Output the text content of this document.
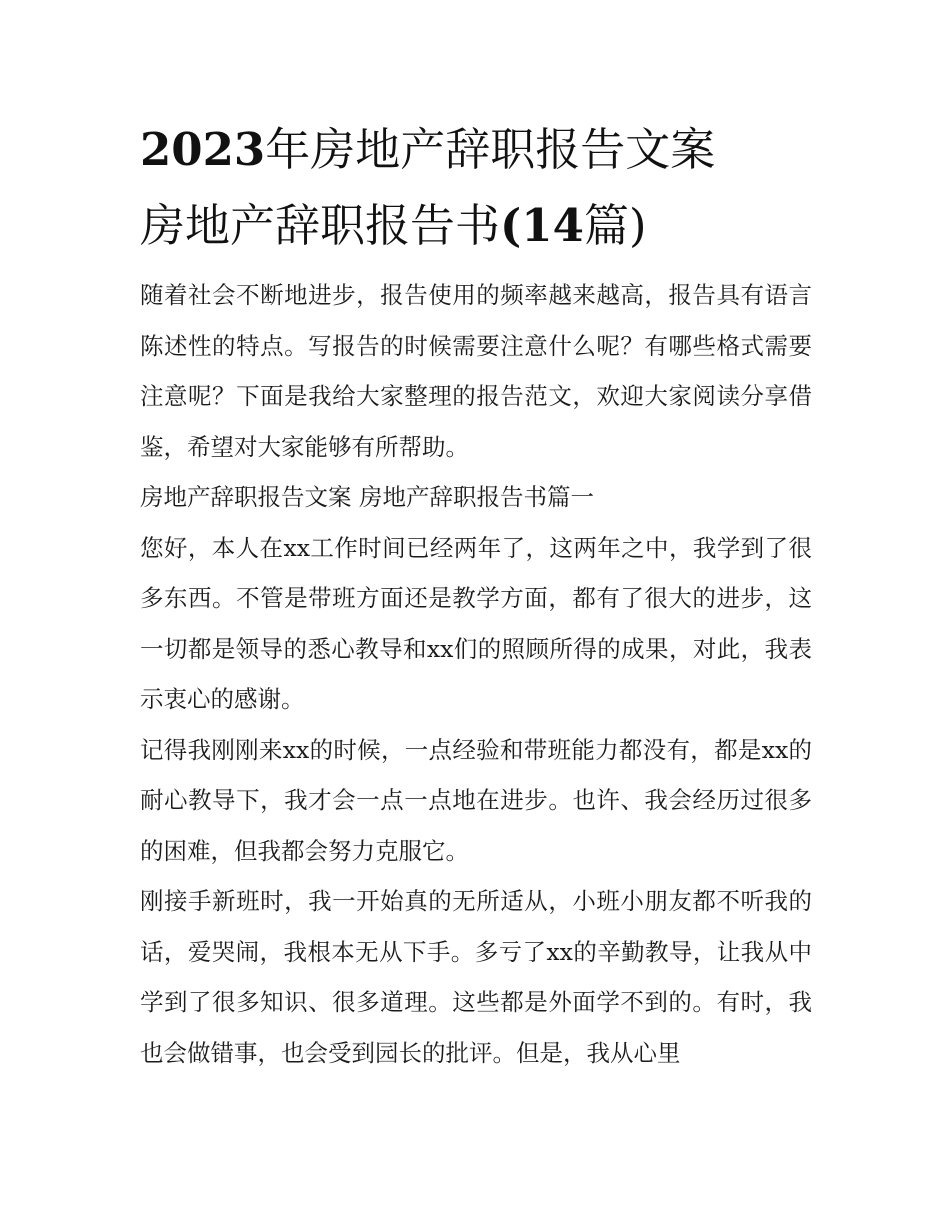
2023年房地产辞职报告文案
房地产辞职报告书(14篇)

随着社会不断地进步，报告使用的频率越来越高，报告具有语言陈述性的特点。写报告的时候需要注意什么呢？有哪些格式需要注意呢？下面是我给大家整理的报告范文，欢迎大家阅读分享借鉴，希望对大家能够有所帮助。

房地产辞职报告文案 房地产辞职报告书篇一

您好，本人在xx工作时间已经两年了，这两年之中，我学到了很多东西。不管是带班方面还是教学方面，都有了很大的进步，这一切都是领导的悉心教导和xx们的照顾所得的成果，对此，我表示衷心的感谢。

记得我刚刚来xx的时候，一点经验和带班能力都没有，都是xx的耐心教导下，我才会一点一点地在进步。也许、我会经历过很多的困难，但我都会努力克服它。

刚接手新班时，我一开始真的无所适从，小班小朋友都不听我的话，爱哭闹，我根本无从下手。多亏了xx的辛勤教导，让我从中学到了很多知识、很多道理。这些都是外面学不到的。有时，我也会做错事，也会受到园长的批评。但是，我从心里
